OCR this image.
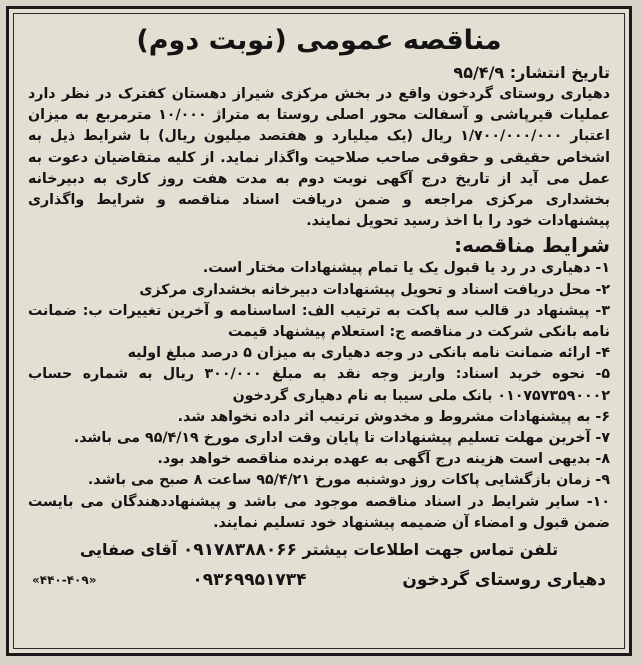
مناقصه عمومی (نوبت دوم)
تاریخ انتشار: ۹۵/۴/۹

دهیاری روستای گردخون واقع در بخش مرکزی شیراز دهستان کفترک در نظر دارد عملیات قیرپاشی و آسفالت محور اصلی روستا به متراژ ۱۰/۰۰۰ مترمربع به میزان اعتبار ۱/۷۰۰/۰۰۰/۰۰۰ ریال (یک میلیارد و هفتصد میلیون ریال) با شرایط ذیل به اشخاص حقیقی و حقوقی صاحب صلاحیت واگذار نماید. از کلیه متقاضیان دعوت به عمل می آید از تاریخ درج آگهی نوبت دوم به مدت هفت روز کاری به دبیرخانه بخشداری مرکزی مراجعه و ضمن دریافت اسناد مناقصه و شرایط واگذاری پیشنهادات خود را با اخذ رسید تحویل نمایند.

شرایط مناقصه:

۱- دهیاری در رد یا قبول یک یا تمام پیشنهادات مختار است.

۲- محل دریافت اسناد و تحویل پیشنهادات دبیرخانه بخشداری مرکزی

۳- پیشنهاد در قالب سه پاکت به ترتیب الف: اساسنامه و آخرین تغییرات ب: ضمانت نامه بانکی شرکت در مناقصه ج: استعلام پیشنهاد قیمت

۴- ارائه ضمانت نامه بانکی در وجه دهیاری به میزان ۵ درصد مبلغ اولیه

۵- نحوه خرید اسناد: واریز وجه نقد به مبلغ ۳۰۰/۰۰۰ ریال به شماره حساب ۰۱۰۷۵۷۳۵۹۰۰۰۲ بانک ملی سیبا به نام دهیاری گردخون

۶- به پیشنهادات مشروط و مخدوش ترتیب اثر داده نخواهد شد.

۷- آخرین مهلت تسلیم پیشنهادات تا پایان وقت اداری مورخ ۹۵/۴/۱۹ می باشد.

۸- بدیهی است هزینه درج آگهی به عهده برنده مناقصه خواهد بود.

۹- زمان بازگشایی پاکات روز دوشنبه مورخ ۹۵/۴/۲۱ ساعت ۸ صبح می باشد.

۱۰- سایر شرایط در اسناد مناقصه موجود می باشد و پیشنهاددهندگان می بایست ضمن قبول و امضاء آن ضمیمه پیشنهاد خود تسلیم نمایند.

تلفن تماس جهت اطلاعات بیشتر ۰۹۱۷۸۳۸۸۰۶۶ آقای صفایی
دهیاری روستای گردخون
۰۹۳۶۹۹۵۱۷۳۴
«۴۴۰-۴۰۹»
